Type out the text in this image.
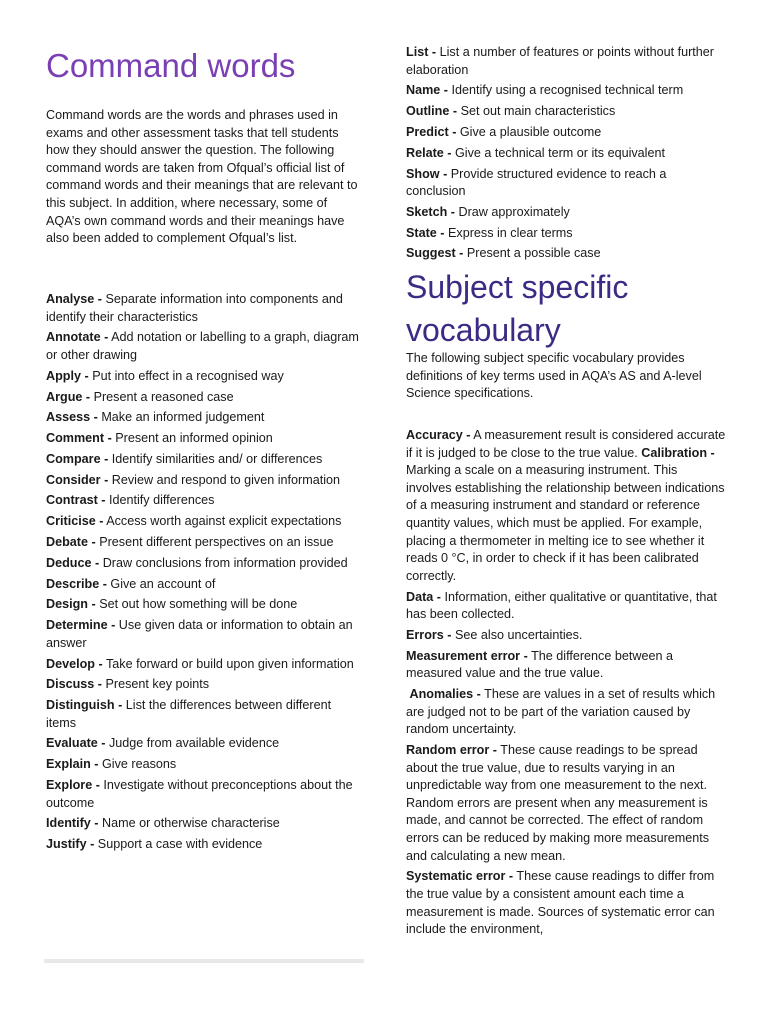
Command words

Command words are the words and phrases used in exams and other assessment tasks that tell students how they should answer the question. The following command words are taken from Ofqual’s official list of command words and their meanings that are relevant to this subject. In addition, where necessary, some of AQA’s own command words and their meanings have also been added to complement Ofqual’s list.

Analyse - Separate information into components and identify their characteristics

Annotate - Add notation or labelling to a graph, diagram or other drawing

Apply - Put into effect in a recognised way

Argue - Present a reasoned case

Assess - Make an informed judgement

Comment - Present an informed opinion

Compare - Identify similarities and/ or differences

Consider - Review and respond to given information

Contrast - Identify differences

Criticise - Access worth against explicit expectations

Debate - Present different perspectives on an issue

Deduce - Draw conclusions from information provided

Describe - Give an account of

Design - Set out how something will be done

Determine - Use given data or information to obtain an answer

Develop - Take forward or build upon given information

Discuss - Present key points

Distinguish - List the differences between different items

Evaluate - Judge from available evidence

Explain - Give reasons

Explore - Investigate without preconceptions about the outcome

Identify - Name or otherwise characterise

Justify - Support a case with evidence

List - List a number of features or points without further elaboration

Name - Identify using a recognised technical term

Outline - Set out main characteristics

Predict - Give a plausible outcome

Relate - Give a technical term or its equivalent

Show - Provide structured evidence to reach a conclusion

Sketch - Draw approximately

State - Express in clear terms

Suggest - Present a possible case

Subject specific vocabulary

The following subject specific vocabulary provides definitions of key terms used in AQA’s AS and A-level Science specifications.

Accuracy - A measurement result is considered accurate if it is judged to be close to the true value. Calibration - Marking a scale on a measuring instrument. This involves establishing the relationship between indications of a measuring instrument and standard or reference quantity values, which must be applied. For example, placing a thermometer in melting ice to see whether it reads 0 °C, in order to check if it has been calibrated correctly.

Data - Information, either qualitative or quantitative, that has been collected.

Errors - See also uncertainties.

Measurement error - The difference between a measured value and the true value.

Anomalies - These are values in a set of results which are judged not to be part of the variation caused by random uncertainty.

Random error - These cause readings to be spread about the true value, due to results varying in an unpredictable way from one measurement to the next. Random errors are present when any measurement is made, and cannot be corrected. The effect of random errors can be reduced by making more measurements and calculating a new mean.

Systematic error - These cause readings to differ from the true value by a consistent amount each time a measurement is made. Sources of systematic error can include the environment,
